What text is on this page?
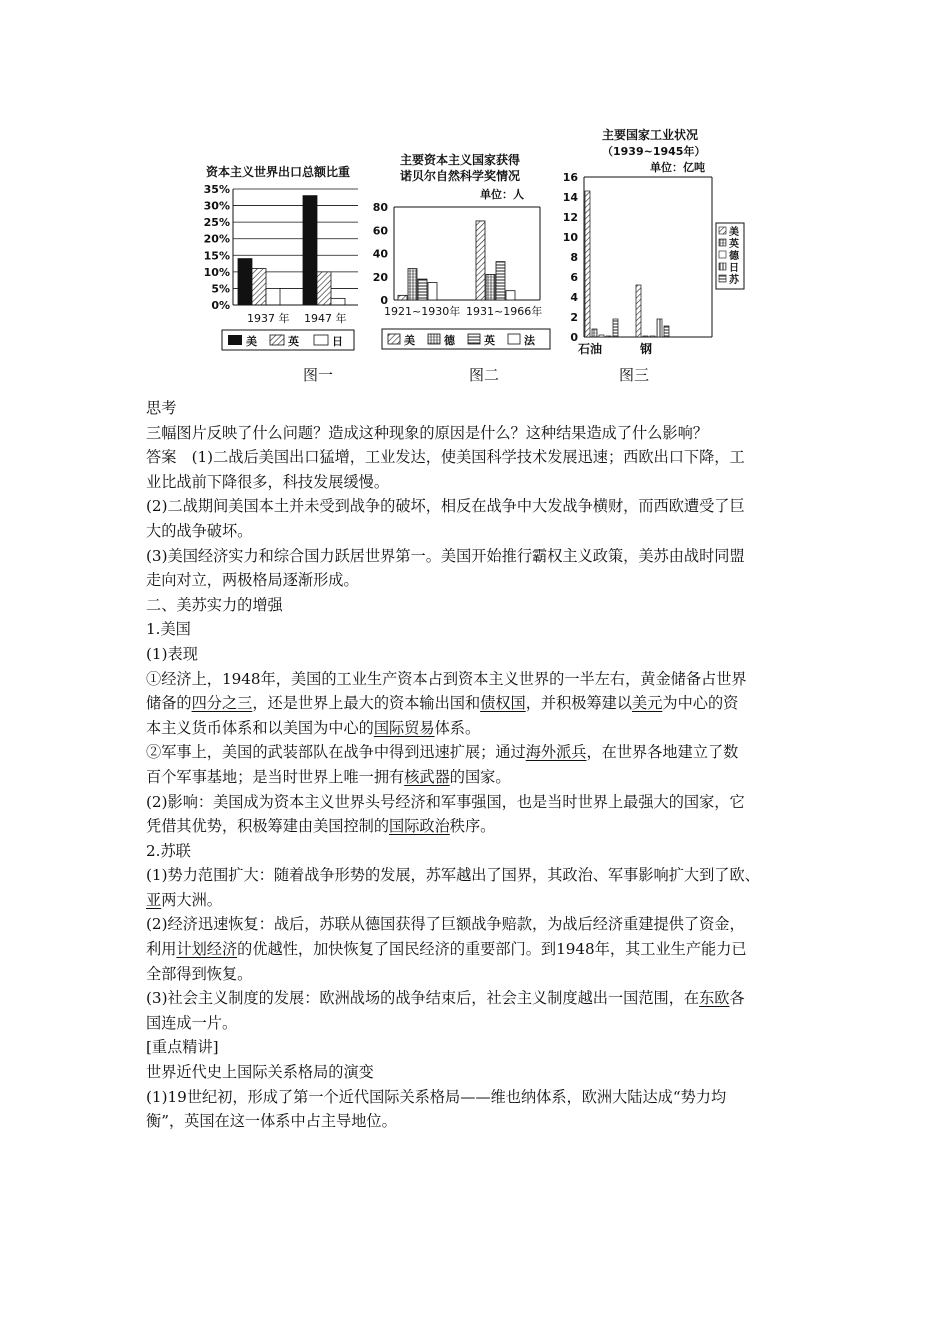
资本主义世界出口总额比重
35%
30%
25%
20%
15%
10%
5%
0%
1937 年 1947 年
美	英	日
主要资本主义国家获得
诺贝尔自然科学奖情况
单位：人
80
60
40
20
0
1921~1930年 1931~1966年
美	德	英	法
主要国家工业状况
（1939~1945年）
单位：亿吨
16
14
12
10
8
6
4
2
0
石油	钢
美
英
德
日
苏
图一	图二	图三

思考

三幅图片反映了什么问题？造成这种现象的原因是什么？这种结果造成了什么影响？

答案　(1)二战后美国出口猛增，工业发达，使美国科学技术发展迅速；西欧出口下降，工

业比战前下降很多，科技发展缓慢。

(2)二战期间美国本土并未受到战争的破坏，相反在战争中大发战争横财，而西欧遭受了巨

大的战争破坏。

(3)美国经济实力和综合国力跃居世界第一。美国开始推行霸权主义政策，美苏由战时同盟

走向对立，两极格局逐渐形成。

二、美苏实力的增强

1.美国

(1)表现

①经济上，1948年，美国的工业生产资本占到资本主义世界的一半左右，黄金储备占世界

储备的四分之三，还是世界上最大的资本输出国和债权国，并积极筹建以美元为中心的资

本主义货币体系和以美国为中心的国际贸易体系。

②军事上，美国的武装部队在战争中得到迅速扩展；通过海外派兵，在世界各地建立了数

百个军事基地；是当时世界上唯一拥有核武器的国家。

(2)影响：美国成为资本主义世界头号经济和军事强国，也是当时世界上最强大的国家，它

凭借其优势，积极筹建由美国控制的国际政治秩序。

2.苏联

(1)势力范围扩大：随着战争形势的发展，苏军越出了国界，其政治、军事影响扩大到了欧、

亚两大洲。

(2)经济迅速恢复：战后，苏联从德国获得了巨额战争赔款，为战后经济重建提供了资金，

利用计划经济的优越性，加快恢复了国民经济的重要部门。到1948年，其工业生产能力已

全部得到恢复。

(3)社会主义制度的发展：欧洲战场的战争结束后，社会主义制度越出一国范围，在东欧各

国连成一片。

[重点精讲]

世界近代史上国际关系格局的演变

(1)19世纪初，形成了第一个近代国际关系格局——维也纳体系，欧洲大陆达成“势力均

衡”，英国在这一体系中占主导地位。
